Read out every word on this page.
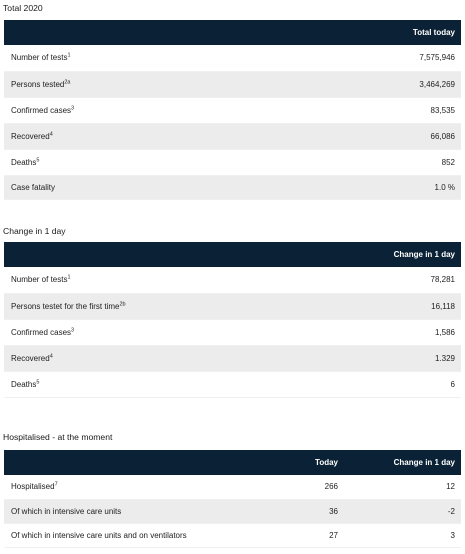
Total 2020
	Total today
Number of tests$^1$	7,575,946
Persons tested$^{2a}$	3,464,269
Confirmed cases$^3$	83,535
Recovered$^4$	66,086
Deaths$^5$	852
Case fatality	1.0 %
Change in 1 day
	Change in 1 day
Number of tests$^1$	78,281
Persons testet for the first time$^{2b}$	16,118
Confirmed cases$^3$	1,586
Recovered$^4$	1.329
Deaths$^5$	6
Hospitalised - at the moment
	Today	Change in 1 day
Hospitalised$^7$	266	12
Of which in intensive care units	36	-2
Of which in intensive care units and on ventilators	27	3
